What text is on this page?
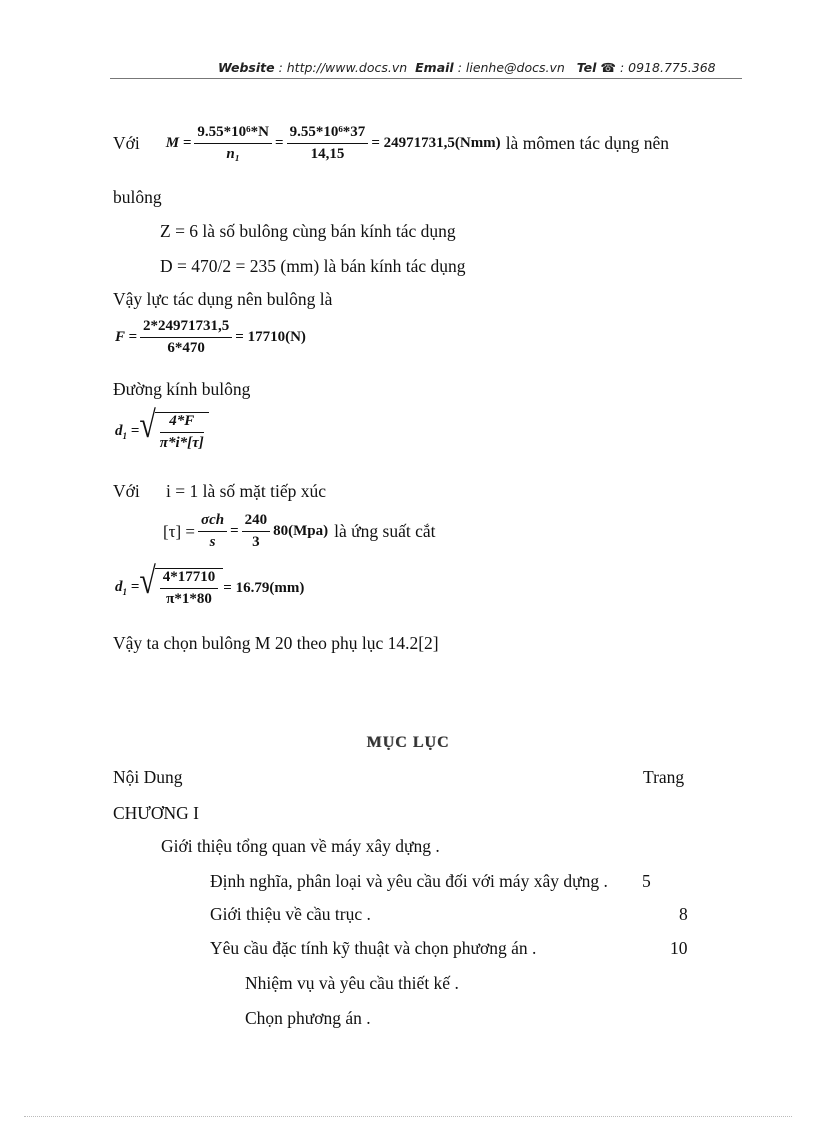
Website : http://www.docs.vn Email : lienhe@docs.vn Tel ☎ : 0918.775.368
Với $M = \frac{\text{9.55*10⁶*N}}{\text{n₁}} = \frac{\text{9.55*10⁶*37}}{14,15} = 24971731,5(Nmm)$ là mômen tác dụng nên
bulông
Z = 6 là số bulông cùng bán kính tác dụng
D = 470/2 = 235 (mm) là bán kính tác dụng
Vậy lực tác dụng nên bulông là
$F = \frac{2*24971731,5}{6*470} = 17710(N)$
Đường kính bulông
$d_1$ = √ $\frac{4*F}{\pi*i*[\tau]}$
Với i = 1 là số mặt tiếp xúc
$[\tau] = \frac{\text{σch}}{s} = \frac{240}{3} 80(Mpa)$ là ứng suất cắt
$d_1$ = √ $\frac{4*17710}{\pi*1*80} = 16.79(mm)$
Vậy ta chọn bulông M 20 theo phụ lục 14.2[2]
MỤC LỤC
Nội Dung	Trang
CHƯƠNG I
Giới thiệu tổng quan về máy xây dựng .
Định nghĩa, phân loại và yêu cầu đối với máy xây dựng . 5
Giới thiệu về cầu trục .	8
Yêu cầu đặc tính kỹ thuật và chọn phương án .	10
Nhiệm vụ và yêu cầu thiết kế .
Chọn phương án .
